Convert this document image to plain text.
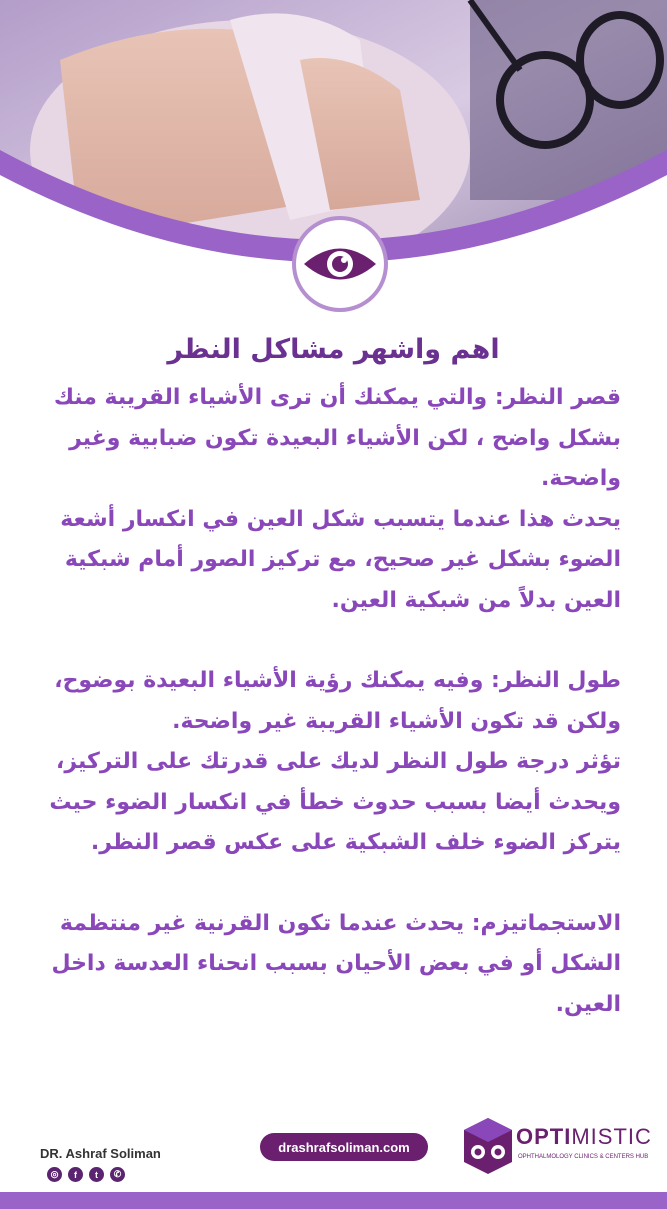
اهم واشهر مشاكل النظر

قصر النظر: والتي يمكنك أن ترى الأشياء القريبة منك بشكل واضح ، لكن الأشياء البعيدة تكون ضبابية وغير واضحة.

يحدث هذا عندما يتسبب شكل العين في انكسار أشعة الضوء بشكل غير صحيح، مع تركيز الصور أمام شبكية العين بدلاً من شبكية العين.

طول النظر: وفيه يمكنك رؤية الأشياء البعيدة بوضوح، ولكن قد تكون الأشياء القريبة غير واضحة.

تؤثر درجة طول النظر لديك على قدرتك على التركيز، ويحدث أيضا بسبب حدوث خطأ في انكسار الضوء حيث يتركز الضوء خلف الشبكية على عكس قصر النظر.

الاستجماتيزم: يحدث عندما تكون القرنية غير منتظمة الشكل أو في بعض الأحيان بسبب انحناء العدسة داخل العين.

DR. Ashraf Soliman
◎	f	t	✆
drashrafsoliman.com	OPTIMISTIC
OPHTHALMOLOGY CLINICS & CENTERS HUB
